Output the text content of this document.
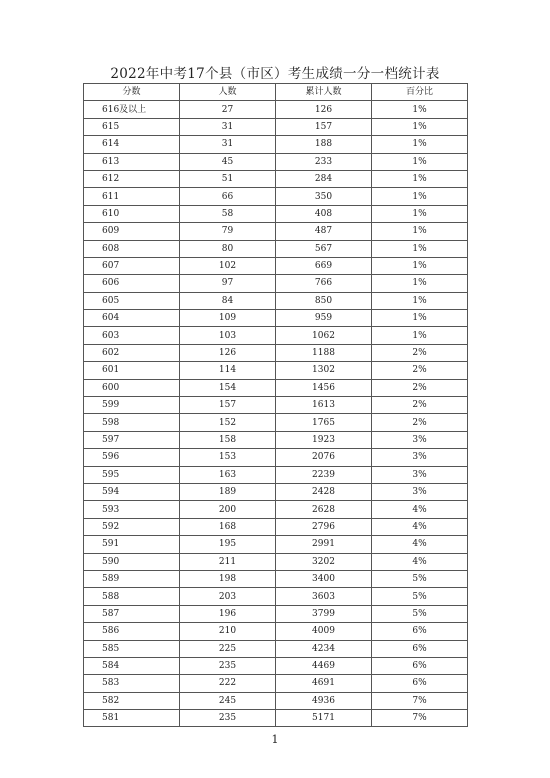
2022年中考17个县（市区）考生成绩一分一档统计表
分数	人数	累计人数	百分比
616及以上	27	126	1%
615	31	157	1%
614	31	188	1%
613	45	233	1%
612	51	284	1%
611	66	350	1%
610	58	408	1%
609	79	487	1%
608	80	567	1%
607	102	669	1%
606	97	766	1%
605	84	850	1%
604	109	959	1%
603	103	1062	1%
602	126	1188	2%
601	114	1302	2%
600	154	1456	2%
599	157	1613	2%
598	152	1765	2%
597	158	1923	3%
596	153	2076	3%
595	163	2239	3%
594	189	2428	3%
593	200	2628	4%
592	168	2796	4%
591	195	2991	4%
590	211	3202	4%
589	198	3400	5%
588	203	3603	5%
587	196	3799	5%
586	210	4009	6%
585	225	4234	6%
584	235	4469	6%
583	222	4691	6%
582	245	4936	7%
581	235	5171	7%
1
